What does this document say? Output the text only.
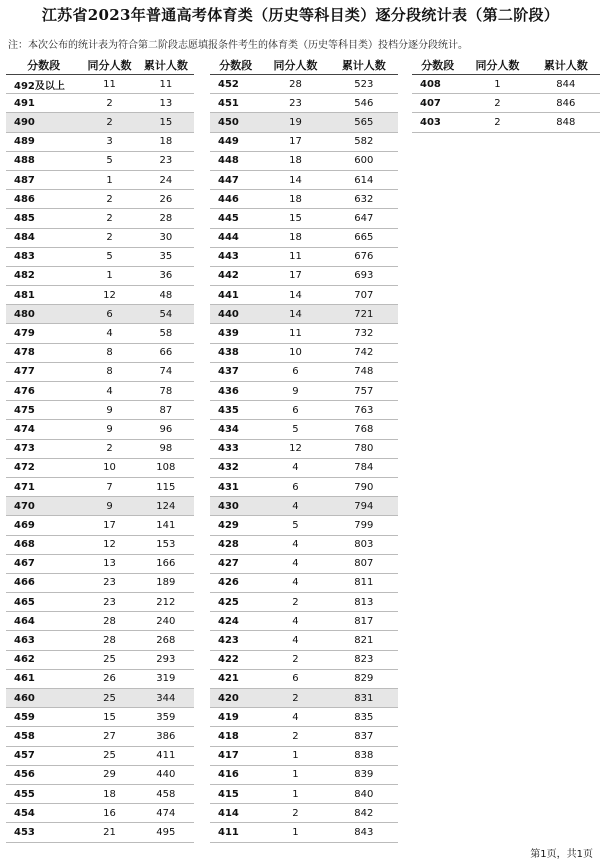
江苏省2023年普通高考体育类（历史等科目类）逐分段统计表（第二阶段）
注：本次公布的统计表为符合第二阶段志愿填报条件考生的体育类（历史等科目类）投档分逐分段统计。
分数段	同分人数	累计人数
492及以上	11	11
491	2	13
490	2	15
489	3	18
488	5	23
487	1	24
486	2	26
485	2	28
484	2	30
483	5	35
482	1	36
481	12	48
480	6	54
479	4	58
478	8	66
477	8	74
476	4	78
475	9	87
474	9	96
473	2	98
472	10	108
471	7	115
470	9	124
469	17	141
468	12	153
467	13	166
466	23	189
465	23	212
464	28	240
463	28	268
462	25	293
461	26	319
460	25	344
459	15	359
458	27	386
457	25	411
456	29	440
455	18	458
454	16	474
453	21	495
分数段	同分人数	累计人数
452	28	523
451	23	546
450	19	565
449	17	582
448	18	600
447	14	614
446	18	632
445	15	647
444	18	665
443	11	676
442	17	693
441	14	707
440	14	721
439	11	732
438	10	742
437	6	748
436	9	757
435	6	763
434	5	768
433	12	780
432	4	784
431	6	790
430	4	794
429	5	799
428	4	803
427	4	807
426	4	811
425	2	813
424	4	817
423	4	821
422	2	823
421	6	829
420	2	831
419	4	835
418	2	837
417	1	838
416	1	839
415	1	840
414	2	842
411	1	843
分数段	同分人数	累计人数
408	1	844
407	2	846
403	2	848
第1页，共1页
